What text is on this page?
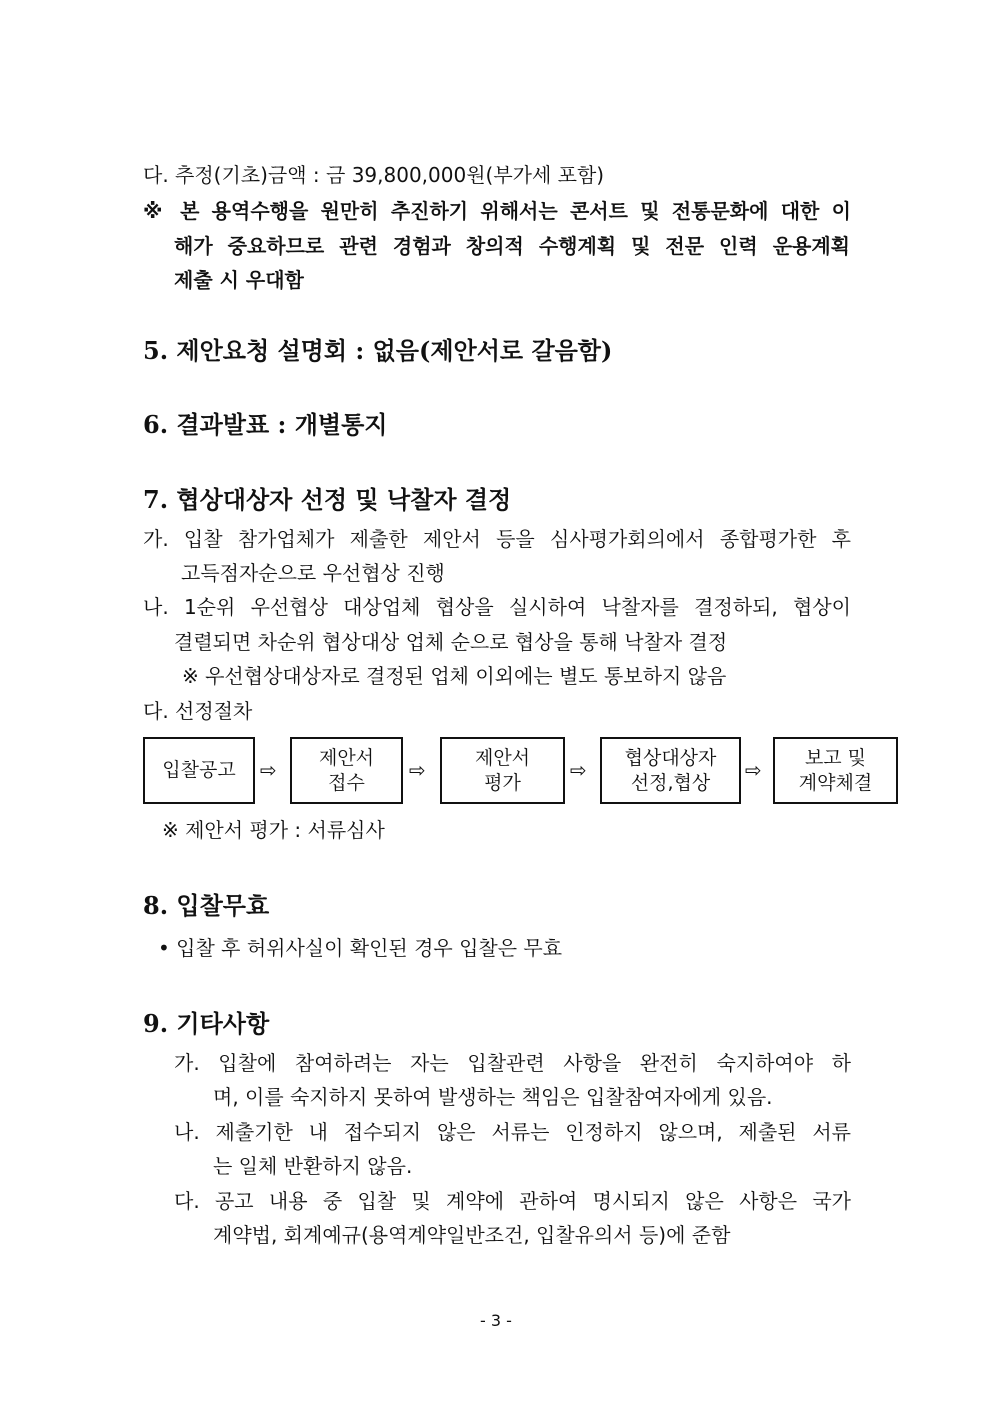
다. 추정(기초)금액 : 금 39,800,000원(부가세 포함)
※ 본 용역수행을 원만히 추진하기 위해서는 콘서트 및 전통문화에 대한 이
해가 중요하므로 관련 경험과 창의적 수행계획 및 전문 인력 운용계획
제출 시 우대함
5. 제안요청 설명회 : 없음(제안서로 갈음함)
6. 결과발표 : 개별통지
7. 협상대상자 선정 및 낙찰자 결정
가. 입찰 참가업체가 제출한 제안서 등을 심사평가회의에서 종합평가한 후
고득점자순으로 우선협상 진행
나. 1순위 우선협상 대상업체 협상을 실시하여 낙찰자를 결정하되, 협상이
결렬되면 차순위 협상대상 업체 순으로 협상을 통해 낙찰자 결정
※ 우선협상대상자로 결정된 업체 이외에는 별도 통보하지 않음
다. 선정절차
입찰공고 ⇨
제안서
접수
⇨
제안서
평가
⇨
협상대상자
선정,협상
⇨
보고 및
계약체결
※ 제안서 평가 : 서류심사
8. 입찰무효
• 입찰 후 허위사실이 확인된 경우 입찰은 무효
9. 기타사항
가. 입찰에 참여하려는 자는 입찰관련 사항을 완전히 숙지하여야 하
며, 이를 숙지하지 못하여 발생하는 책임은 입찰참여자에게 있음.
나. 제출기한 내 접수되지 않은 서류는 인정하지 않으며, 제출된 서류
는 일체 반환하지 않음.
다. 공고 내용 중 입찰 및 계약에 관하여 명시되지 않은 사항은 국가
계약법, 회계예규(용역계약일반조건, 입찰유의서 등)에 준함
- 3 -
